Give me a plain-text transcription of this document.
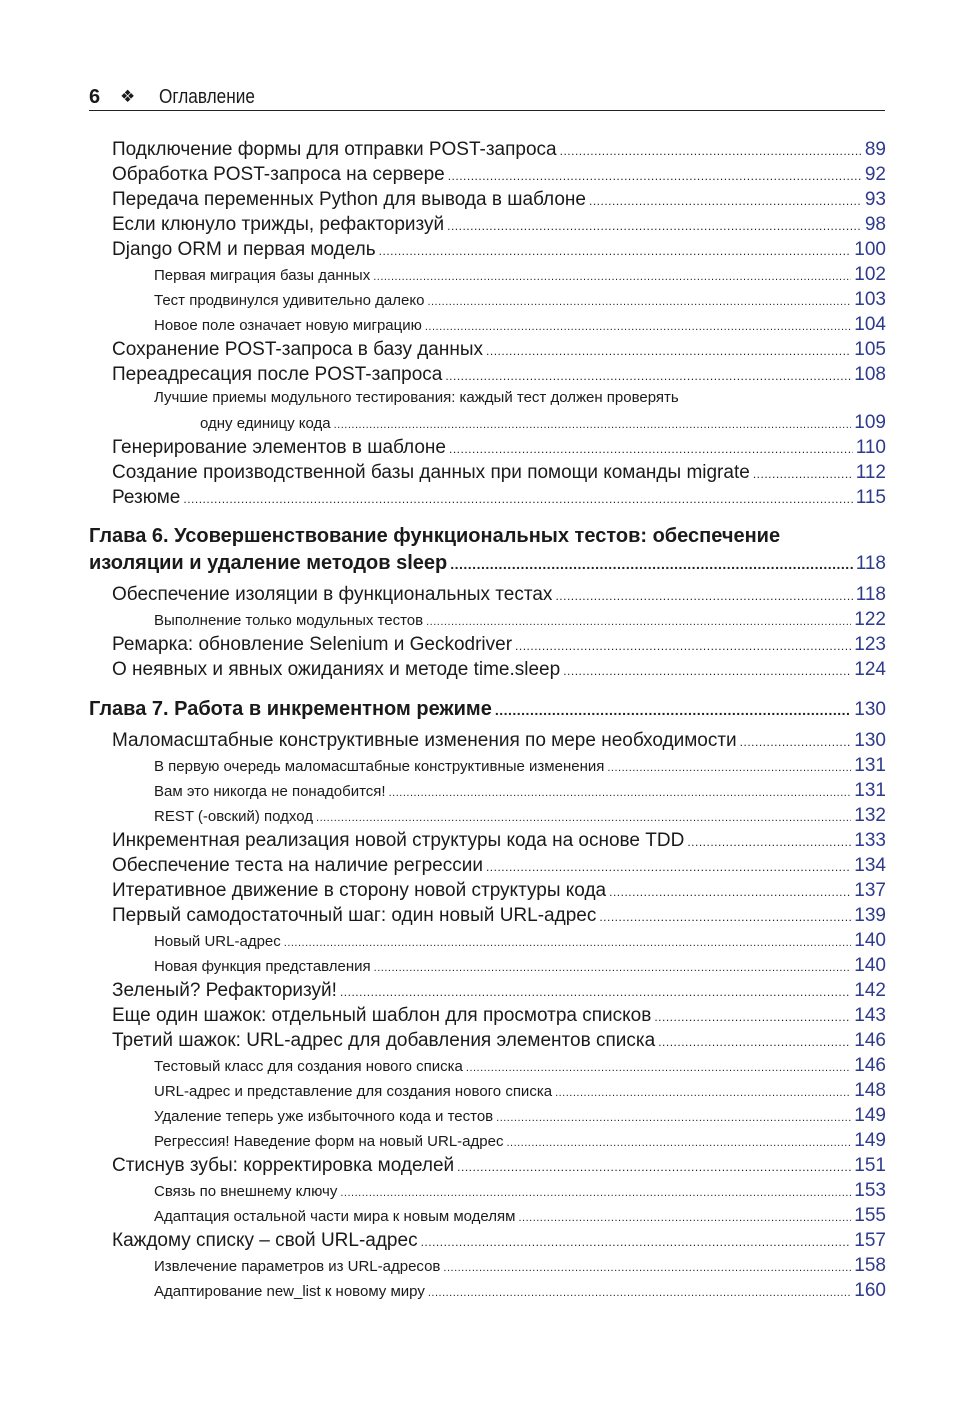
6 ❖ Оглавление
Подключение формы для отправки POST-запроса .....	89
Обработка POST-запроса на сервере .....	92
Передача переменных Python для вывода в шаблоне .....	93
Если клюнуло трижды, рефакторизуй .....	98
Django ORM и первая модель .....	100
Первая миграция базы данных .....	102
Тест продвинулся удивительно далеко .....	103
Новое поле означает новую миграцию .....	104
Сохранение POST-запроса в базу данных .....	105
Переадресация после POST-запроса .....	108
Лучшие приемы модульного тестирования: каждый тест должен проверять
одну единицу кода .....	109
Генерирование элементов в шаблоне .....	110
Создание производственной базы данных при помощи команды migrate .....	112
Резюме .....	115
Глава 6. Усовершенствование функциональных тестов: обеспечение
изоляции и удаление методов sleep .....	118
Обеспечение изоляции в функциональных тестах .....	118
Выполнение только модульных тестов .....	122
Ремарка: обновление Selenium и Geckodriver .....	123
О неявных и явных ожиданиях и методе time.sleep .....	124
Глава 7. Работа в инкрементном режиме .....	130
Маломасштабные конструктивные изменения по мере необходимости .....	130
В первую очередь маломасштабные конструктивные изменения .....	131
Вам это никогда не понадобится! .....	131
REST (-овский) подход .....	132
Инкрементная реализация новой структуры кода на основе TDD .....	133
Обеспечение теста на наличие регрессии .....	134
Итеративное движение в сторону новой структуры кода .....	137
Первый самодостаточный шаг: один новый URL-адрес .....	139
Новый URL-адрес .....	140
Новая функция представления .....	140
Зеленый? Рефакторизуй! .....	142
Еще один шажок: отдельный шаблон для просмотра списков .....	143
Третий шажок: URL-адрес для добавления элементов списка .....	146
Тестовый класс для создания нового списка .....	146
URL-адрес и представление для создания нового списка .....	148
Удаление теперь уже избыточного кода и тестов .....	149
Регрессия! Наведение форм на новый URL-адрес .....	149
Стиснув зубы: корректировка моделей .....	151
Связь по внешнему ключу .....	153
Адаптация остальной части мира к новым моделям .....	155
Каждому списку – свой URL-адрес .....	157
Извлечение параметров из URL-адресов .....	158
Адаптирование new_list к новому миру .....	160
